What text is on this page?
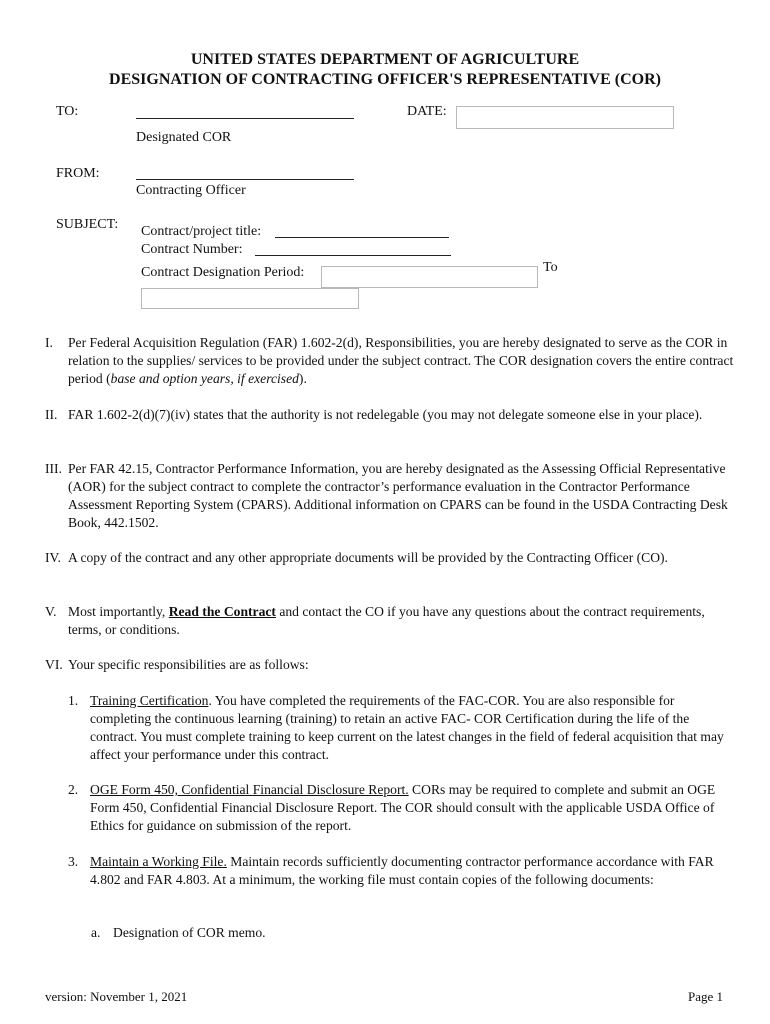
UNITED STATES DEPARTMENT OF AGRICULTURE
DESIGNATION OF CONTRACTING OFFICER'S REPRESENTATIVE (COR)
TO:
Designated COR
DATE:
FROM:
Contracting Officer
SUBJECT: Contract/project title:
Contract Number:
Contract Designation Period:	To
I. Per Federal Acquisition Regulation (FAR) 1.602-2(d), Responsibilities, you are hereby designated to serve as the COR in relation to the supplies/ services to be provided under the subject contract. The COR designation covers the entire contract period (base and option years, if exercised).
II. FAR 1.602-2(d)(7)(iv) states that the authority is not redelegable (you may not delegate someone else in your place).
III. Per FAR 42.15, Contractor Performance Information, you are hereby designated as the Assessing Official Representative (AOR) for the subject contract to complete the contractor’s performance evaluation in the Contractor Performance Assessment Reporting System (CPARS). Additional information on CPARS can be found in the USDA Contracting Desk Book, 442.1502.
IV. A copy of the contract and any other appropriate documents will be provided by the Contracting Officer (CO).
V. Most importantly, Read the Contract and contact the CO if you have any questions about the contract requirements, terms, or conditions.
VI. Your specific responsibilities are as follows:
1. Training Certification. You have completed the requirements of the FAC-COR. You are also responsible for completing the continuous learning (training) to retain an active FAC- COR Certification during the life of the contract. You must complete training to keep current on the latest changes in the field of federal acquisition that may affect your performance under this contract.
2. OGE Form 450, Confidential Financial Disclosure Report. CORs may be required to complete and submit an OGE Form 450, Confidential Financial Disclosure Report. The COR should consult with the applicable USDA Office of Ethics for guidance on submission of the report.
3. Maintain a Working File. Maintain records sufficiently documenting contractor performance accordance with FAR 4.802 and FAR 4.803. At a minimum, the working file must contain copies of the following documents:
a. Designation of COR memo.
version: November 1, 2021	Page 1
